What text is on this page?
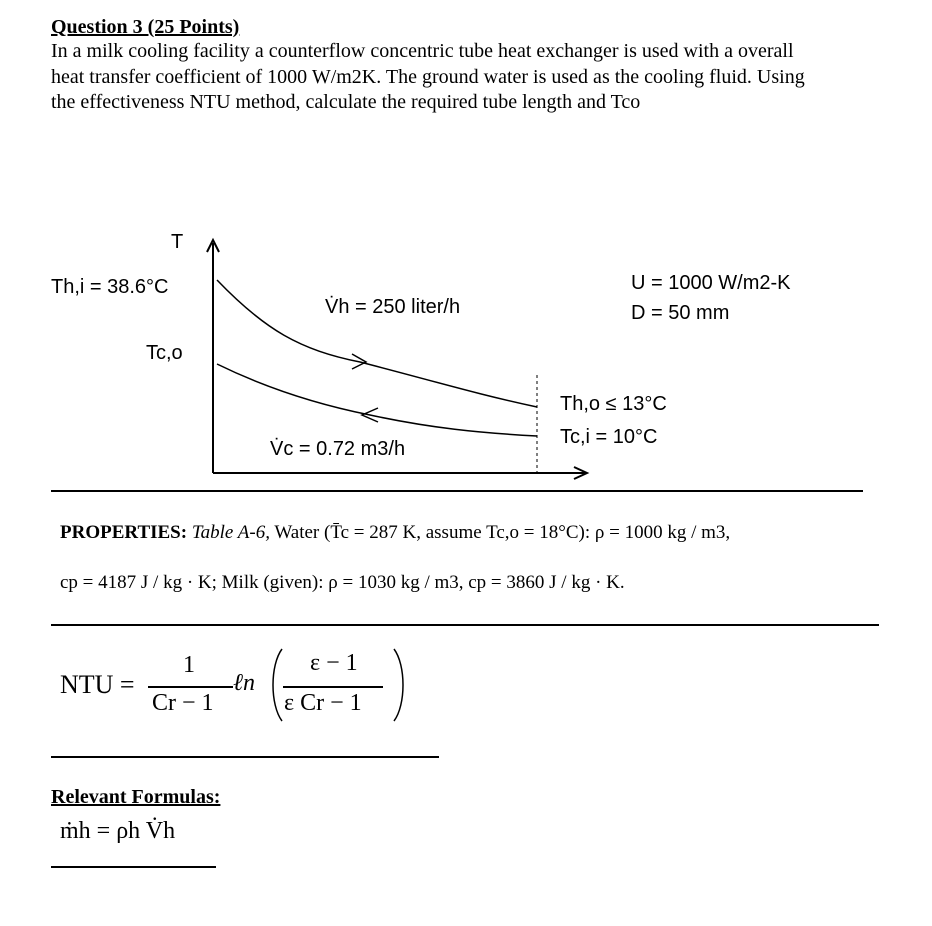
Question 3 (25 Points)
In a milk cooling facility a counterflow concentric tube heat exchanger is used with a overall
heat transfer coefficient of 1000 W/m2K. The ground water is used as the cooling fluid. Using
the effectiveness NTU method, calculate the required tube length and Tco
T
Th,i = 38.6°C
Tc,o
V̇h = 250 liter/h
V̇c = 0.72 m3/h
U = 1000 W/m2-K
D = 50 mm
Th,o ≤ 13°C
Tc,i = 10°C
PROPERTIES: Table A-6, Water (T̄c = 287 K, assume Tc,o = 18°C): ρ = 1000 kg / m3,
cp = 4187 J / kg · K; Milk (given): ρ = 1030 kg / m3, cp = 3860 J / kg · K.
NTU =
1
Cr − 1
ℓn
ε − 1
ε Cr − 1
Relevant Formulas:
ṁh = ρh V̇h
